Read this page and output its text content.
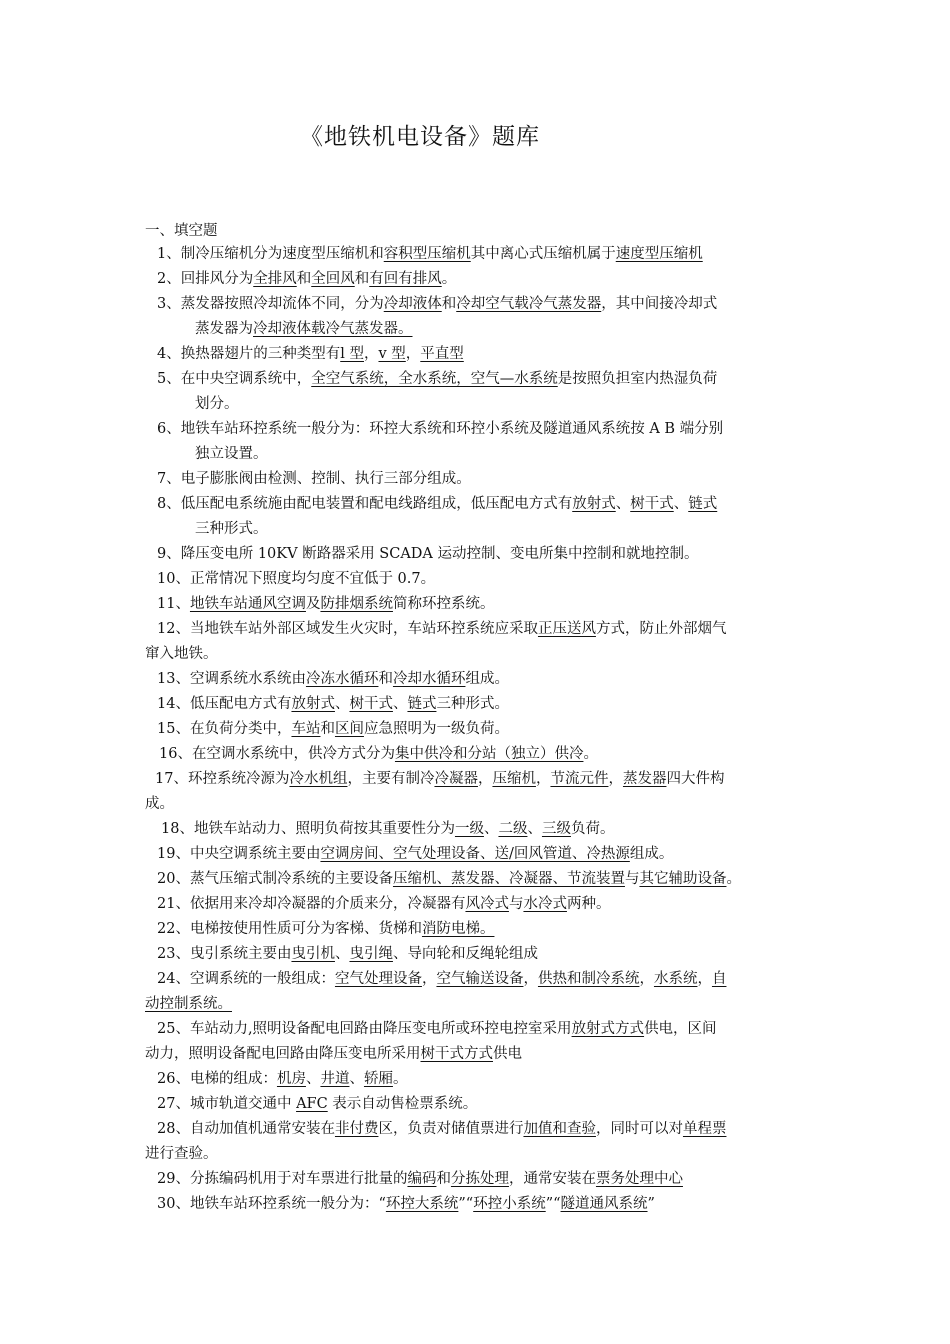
《地铁机电设备》题库
一、填空题
1、制冷压缩机分为速度型压缩机和容积型压缩机其中离心式压缩机属于速度型压缩机
2、回排风分为全排风和全回风和有回有排风。
3、蒸发器按照冷却流体不同，分为冷却液体和冷却空气载冷气蒸发器，其中间接冷却式
蒸发器为冷却液体载冷气蒸发器。
4、换热器翅片的三种类型有l 型，v 型，平直型
5、在中央空调系统中，全空气系统，全水系统，空气—水系统是按照负担室内热湿负荷
划分。
6、地铁车站环控系统一般分为：环控大系统和环控小系统及隧道通风系统按 A B 端分别
独立设置。
7、电子膨胀阀由检测、控制、执行三部分组成。
8、低压配电系统施由配电装置和配电线路组成，低压配电方式有放射式、树干式、链式
三种形式。
9、降压变电所 10KV 断路器采用 SCADA 运动控制、变电所集中控制和就地控制。
10、正常情况下照度均匀度不宜低于 0.7。
11、地铁车站通风空调及防排烟系统简称环控系统。
12、当地铁车站外部区域发生火灾时，车站环控系统应采取正压送风方式，防止外部烟气
窜入地铁。
13、空调系统水系统由冷冻水循环和冷却水循环组成。
14、低压配电方式有放射式、树干式、链式三种形式。
15、在负荷分类中，车站和区间应急照明为一级负荷。
16、在空调水系统中，供冷方式分为集中供冷和分站（独立）供冷。
17、环控系统冷源为冷水机组，主要有制冷冷凝器，压缩机，节流元件，蒸发器四大件构
成。
18、地铁车站动力、照明负荷按其重要性分为一级、二级、三级负荷。
19、中央空调系统主要由空调房间、空气处理设备、送/回风管道、冷热源组成。
20、蒸气压缩式制冷系统的主要设备压缩机、蒸发器、冷凝器、节流装置与其它辅助设备。
21、依据用来冷却冷凝器的介质来分，冷凝器有风冷式与水冷式两种。
22、电梯按使用性质可分为客梯、货梯和消防电梯。
23、曳引系统主要由曳引机、曳引绳、导向轮和反绳轮组成
24、空调系统的一般组成：空气处理设备，空气输送设备，供热和制冷系统，水系统，自
动控制系统。
25、车站动力,照明设备配电回路由降压变电所或环控电控室采用放射式方式供电，区间
动力，照明设备配电回路由降压变电所采用树干式方式供电
26、电梯的组成：机房、井道、轿厢。
27、城市轨道交通中 AFC 表示自动售检票系统。
28、自动加值机通常安装在非付费区，负责对储值票进行加值和查验，同时可以对单程票
进行查验。
29、分拣编码机用于对车票进行批量的编码和分拣处理，通常安装在票务处理中心
30、地铁车站环控系统一般分为：“环控大系统”“环控小系统”“隧道通风系统”
